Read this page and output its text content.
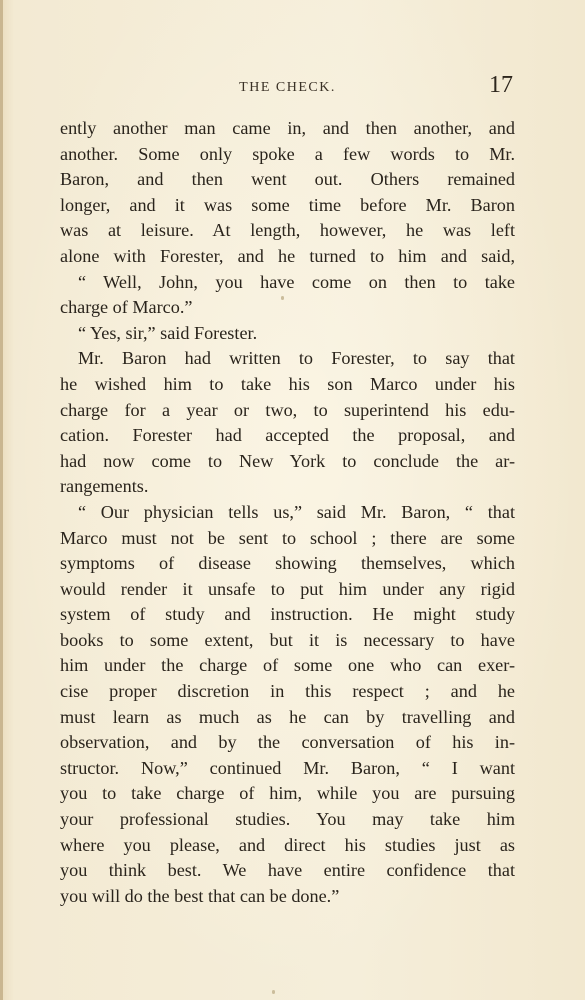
THE CHECK.	17
ently another man came in, and then another, and
another. Some only spoke a few words to Mr.
Baron, and then went out. Others remained
longer, and it was some time before Mr. Baron
was at leisure. At length, however, he was left
alone with Forester, and he turned to him and said,
“ Well, John, you have come on then to take
charge of Marco.”
“ Yes, sir,” said Forester.
Mr. Baron had written to Forester, to say that
he wished him to take his son Marco under his
charge for a year or two, to superintend his edu-
cation. Forester had accepted the proposal, and
had now come to New York to conclude the ar-
rangements.
“ Our physician tells us,” said Mr. Baron, “ that
Marco must not be sent to school ; there are some
symptoms of disease showing themselves, which
would render it unsafe to put him under any rigid
system of study and instruction. He might study
books to some extent, but it is necessary to have
him under the charge of some one who can exer-
cise proper discretion in this respect ; and he
must learn as much as he can by travelling and
observation, and by the conversation of his in-
structor. Now,” continued Mr. Baron, “ I want
you to take charge of him, while you are pursuing
your professional studies. You may take him
where you please, and direct his studies just as
you think best. We have entire confidence that
you will do the best that can be done.”
